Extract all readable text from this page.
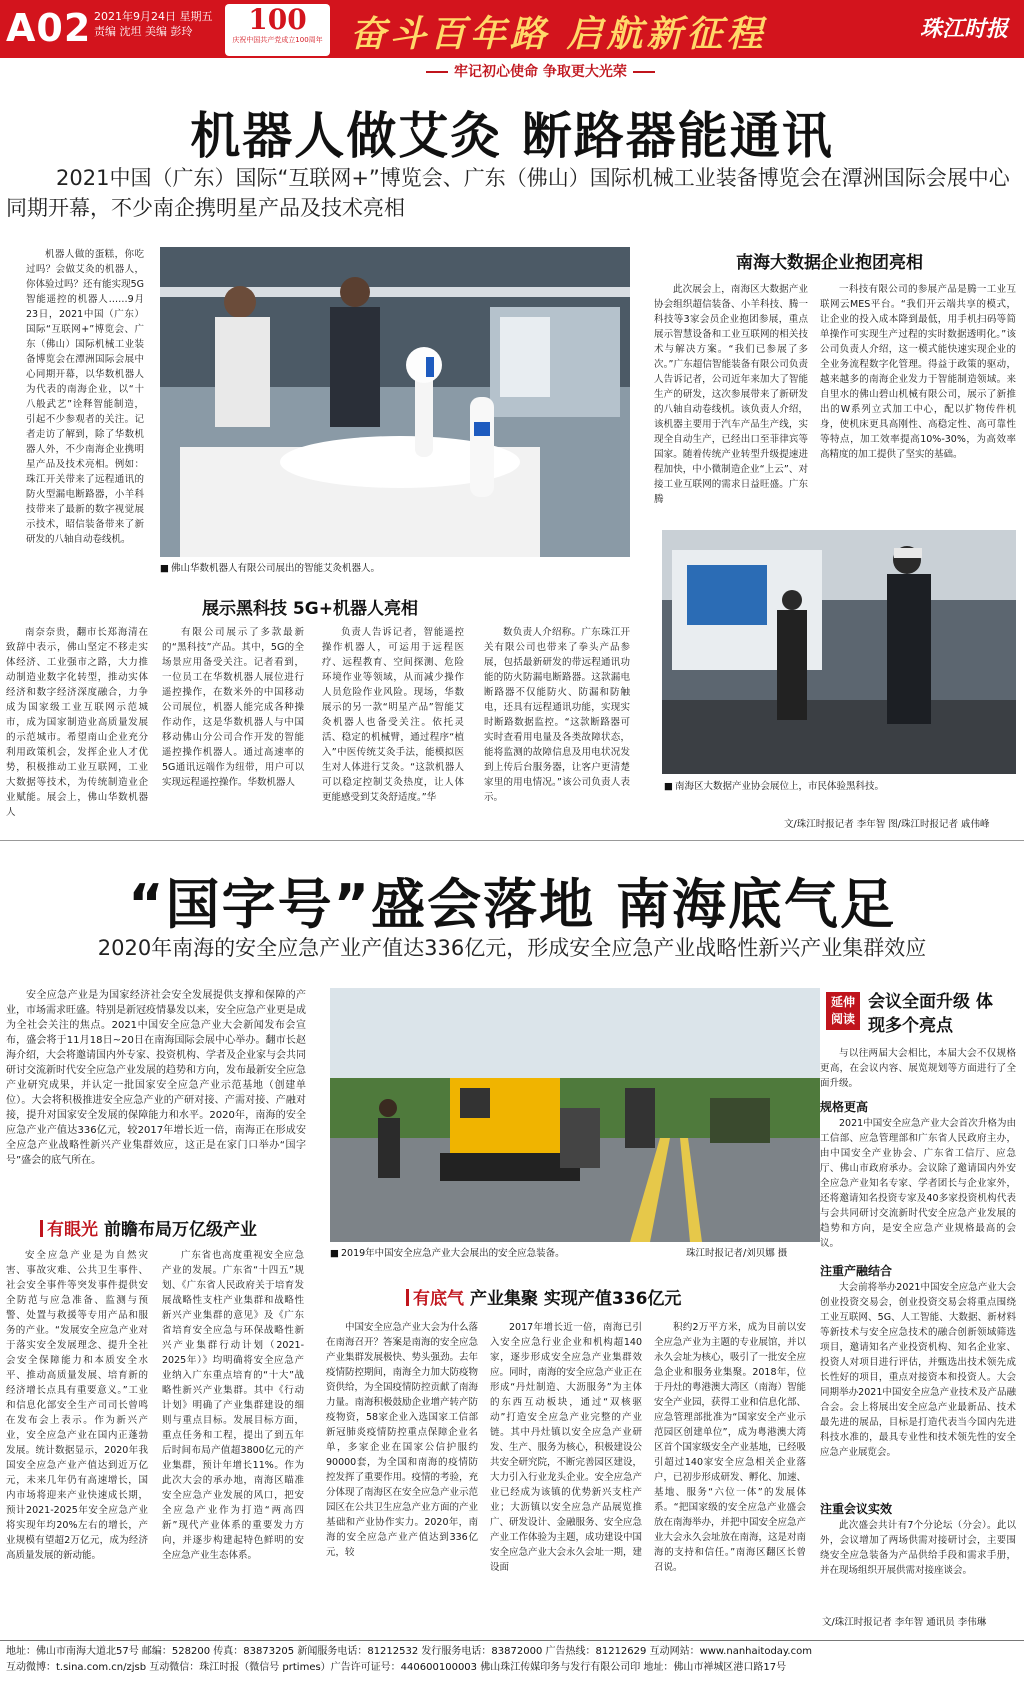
A02 2021年9月24日 星期五
责编 沈坦 美编 彭玲	100
庆祝中国共产党成立100周年 奋斗百年路 启航新征程	珠江时报
牢记初心使命 争取更大光荣
机器人做艾灸 断路器能通讯
2021中国（广东）国际“互联网+”博览会、广东（佛山）国际机械工业装备博览会在潭洲国际会展中心同期开幕，不少南企携明星产品及技术亮相

机器人做的蛋糕，你吃过吗？会做艾灸的机器人，你体验过吗？还有能实现5G智能遥控的机器人……9月23日，2021中国（广东）国际“互联网+”博览会、广东（佛山）国际机械工业装备博览会在潭洲国际会展中心同期开幕，以华数机器人为代表的南海企业，以“十八般武艺”诠释智能制造，引起不少参观者的关注。记者走访了解到，除了华数机器人外，不少南海企业携明星产品及技术亮相。例如：珠江开关带来了远程通讯的防火型漏电断路器，小羊科技带来了最新的数字视觉展示技术，昭信装备带来了新研发的八轴自动卷线机。

■ 佛山华数机器人有限公司展出的智能艾灸机器人。
南海大数据企业抱团亮相

此次展会上，南海区大数据产业协会组织超信装备、小羊科技、腾一科技等3家会员企业抱团参展，重点展示智慧设备和工业互联网的相关技术与解决方案。“我们已参展了多次。”广东超信智能装备有限公司负责人告诉记者，公司近年来加大了智能生产的研发，这次参展带来了新研发的八轴自动卷线机。该负责人介绍，该机器主要用于汽车产品生产线，实现全自动生产，已经出口至菲律宾等国家。随着传统产业转型升级提速进程加快，中小微制造企业“上云”、对接工业互联网的需求日益旺盛。广东腾

一科技有限公司的参展产品是腾一工业互联网云MES平台。“我们开云端共享的模式，让企业的投入成本降到最低，用手机扫码等简单操作可实现生产过程的实时数据透明化。”该公司负责人介绍，这一模式能快速实现企业的全业务流程数字化管理。得益于政策的驱动，越来越多的南海企业发力于智能制造领域。来自里水的佛山碧山机械有限公司，展示了新推出的W系列立式加工中心，配以扩物传件机身，使机床更具高刚性、高稳定性、高可靠性等特点，加工效率提高10%-30%，为高效率高精度的加工提供了坚实的基础。

■ 南海区大数据产业协会展位上，市民体验黑科技。
展示黑科技 5G+机器人亮相

南奈奈贵，翻市长郑海清在致辞中表示，佛山坚定不移走实体经济、工业强市之路，大力推动制造业数字化转型，推动实体经济和数字经济深度融合，力争成为国家级工业互联网示范城市，成为国家制造业高质量发展的示范城市。希望南山企业充分利用政策机会，发挥企业人才优势，积极推动工业互联网，工业大数据等技术，为传统制造业企业赋能。展会上，佛山华数机器人

有限公司展示了多款最新的“黑科技”产品。其中，5G的全场景应用备受关注。记者看到，一位员工在华数机器人展位进行遥控操作，在数米外的中国移动公司展位，机器人能完成各种操作动作，这是华数机器人与中国移动佛山分公司合作开发的智能遥控操作机器人。通过高速率的5G通讯远端作为纽带，用户可以实现远程遥控操作。华数机器人

负责人告诉记者，智能遥控操作机器人，可运用于远程医疗、远程教育、空间探测、危险环境作业等领域，从而减少操作人员危险作业风险。现场，华数展示的另一款“明星产品”智能艾灸机器人也备受关注。依托灵活、稳定的机械臂，通过程序“植入”中医传统艾灸手法，能模拟医生对人体进行艾灸。“这款机器人可以稳定控制艾灸热度，让人体更能感受到艾灸舒适度。”华

数负责人介绍称。广东珠江开关有限公司也带来了拳头产品参展，包括最新研发的带远程通讯功能的防火防漏电断路器。这款漏电断路器不仅能防火、防漏和防触电，还具有远程通讯功能，实现实时断路数据监控。“这款断路器可实时查看用电量及各类故障状态，能将监测的故障信息及用电状况发到上传后台服务器，让客户更清楚家里的用电情况。”该公司负责人表示。

文/珠江时报记者 李年智 图/珠江时报记者 戚伟峰
“国字号”盛会落地 南海底气足
2020年南海的安全应急产业产值达336亿元，形成安全应急产业战略性新兴产业集群效应

安全应急产业是为国家经济社会安全发展提供支撑和保障的产业，市场需求旺盛。特别是新冠疫情暴发以来，安全应急产业更是成为全社会关注的焦点。2021中国安全应急产业大会新闻发布会宣布，盛会将于11月18日~20日在南海国际会展中心举办。翻市长赵海介绍，大会将邀请国内外专家、投资机构、学者及企业家与会共同研讨交流新时代安全应急产业发展的趋势和方向，发布最新安全应急产业研究成果，并认定一批国家安全应急产业示范基地（创建单位）。大会将积极推进安全应急产业的产研对接、产需对接、产融对接，提升对国家安全发展的保障能力和水平。2020年，南海的安全应急产业产值达336亿元，较2017年增长近一倍，南海正在形成安全应急产业战略性新兴产业集群效应，这正是在家门口举办“国字号”盛会的底气所在。

■ 2019年中国安全应急产业大会展出的安全应急装备。	珠江时报记者/刘贝娜 摄
有眼光 前瞻布局万亿级产业

安全应急产业是为自然灾害、事故灾难、公共卫生事件、社会安全事件等突发事件提供安全防范与应急准备、监测与预警、处置与救援等专用产品和服务的产业。“发展安全应急产业对于落实安全发展理念、提升全社会安全保障能力和本质安全水平、推动高质量发展、培育新的经济增长点具有重要意义。”工业和信息化部安全生产司司长曾鸣在发布会上表示。作为新兴产业，安全应急产业在国内正蓬勃发展。统计数据显示，2020年我国安全应急产业产值达到近万亿元，未来几年仍有高速增长，国内市场将迎来产业快速成长期，预计2021-2025年安全应急产业将实现年均20%左右的增长，产业规模有望超2万亿元，成为经济高质量发展的新动能。

广东省也高度重视安全应急产业的发展。广东省“十四五”规划、《广东省人民政府关于培育发展战略性支柱产业集群和战略性新兴产业集群的意见》及《广东省培育安全应急与环保战略性新兴产业集群行动计划（2021-2025年）》均明确将安全应急产业纳入广东重点培育的“十大”战略性新兴产业集群。其中《行动计划》明确了产业集群建设的细则与重点目标。发展目标方面，重点任务和工程，提出了到五年后时间布局产值超3800亿元的产业集群，预计年增长11%。作为此次大会的承办地，南海区瞄准安全应急产业发展的风口，把安全应急产业作为打造“两高四新”现代产业体系的重要发力方向，并逐步构建起特色鲜明的安全应急产业生态体系。

有底气 产业集聚 实现产值336亿元

中国安全应急产业大会为什么落在南海召开？答案是南海的安全应急产业集群发展极快、势头强劲。去年疫情防控期间，南海全力加大防疫物资供给，为全国疫情防控贡献了南海力量。南海积极鼓励企业增产转产防疫物资，58家企业入选国家工信部新冠肺炎疫情防控重点保障企业名单，多家企业在国家公信护服约90000套，为全国和南海的疫情防控发挥了重要作用。疫情的考验，充分体现了南海区在安全应急产业示范园区在公共卫生应急产业方面的产业基础和产业协作实力。2020年，南海的安全应急产业产值达到336亿元，较

2017年增长近一倍，南海已引入安全应急行业企业和机构超140家，逐步形成安全应急产业集群效应。同时，南海的安全应急产业正在形成“丹灶制造、大沥服务”为主体的东西互动板块，通过“双核驱动”打造安全应急产业完整的产业链。其中丹灶镇以安全应急产业研发、生产、服务为核心，积极建设公共安全研究院，不断完善园区建设，大力引入行业龙头企业。安全应急产业已经成为该镇的优势新兴支柱产业；大沥镇以安全应急产品展览推广、研发设计、金融服务、安全应急产业工作体验为主题，成功建设中国安全应急产业大会永久会址一期，建设面

积约2万平方米，成为目前以安全应急产业为主题的专业展馆，并以永久会址为核心，吸引了一批安全应急企业和服务业集聚。2018年，位于丹灶的粤港澳大湾区（南海）智能安全产业园，获得工业和信息化部、应急管理部批准为“国家安全产业示范园区创建单位”，成为粤港澳大湾区首个国家级安全产业基地，已经吸引超过140家安全应急相关企业落户，已初步形成研发、孵化、加速、基地、服务“六位一体”的发展体系。“把国家级的安全应急产业盛会放在南海举办，并把中国安全应急产业大会永久会址放在南海，这是对南海的支持和信任。”南海区翻区长曾召说。

延伸阅读
会议全面升级 体现多个亮点

与以往两届大会相比，本届大会不仅规格更高，在会议内容、展览规划等方面进行了全面升级。

规格更高

2021中国安全应急产业大会首次升格为由工信部、应急管理部和广东省人民政府主办，由中国安全产业协会、广东省工信厅、应急厅、佛山市政府承办。会议除了邀请国内外安全应急产业知名专家、学者团长与企业家外，还将邀请知名投资专家及40多家投资机构代表与会共同研讨交流新时代安全应急产业发展的趋势和方向，是安全应急产业规格最高的会议。

注重产融结合

大会前将举办2021中国安全应急产业大会创业投资交易会，创业投资交易会将重点围绕工业互联网、5G、人工智能、大数据、新材料等新技术与安全应急技术的融合创新领域筛选项目，邀请知名产业投资机构、知名企业家、投资人对项目进行评估，并甄选出技术领先成长性好的项目，重点对接资本和投资人。大会同期举办2021中国安全应急产业技术及产品融合会。会上将展出安全应急产业最新品、技术最先进的展品，目标是打造代表当今国内先进科技水准的，最具专业性和技术领先性的安全应急产业展览会。

注重会议实效

此次盛会共计有7个分论坛（分会）。此以外，会议增加了两场供需对接研讨会，主要围绕安全应急装备为产品供给手段和需求手册，并在现场组织开展供需对接座谈会。

文/珠江时报记者 李年智 通讯员 李伟琳
地址：佛山市南海大道北57号 邮编：528200 传真：83873205 新闻服务电话：81212532 发行服务电话：83872000 广告热线：81212629 互动网站：www.nanhaitoday.com
互动微博：t.sina.com.cn/zjsb 互动微信：珠江时报（微信号 prtimes）广告许可证号：440600100003 佛山珠江传媒印务与发行有限公司印 地址：佛山市禅城区港口路17号
